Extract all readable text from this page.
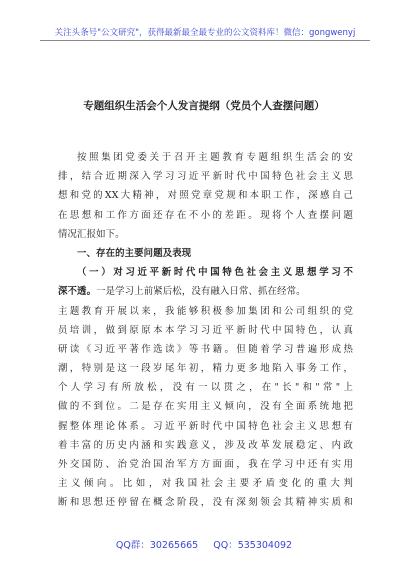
关注头条号"公文研究"，获得最新最全最专业的公文资料库！微信：gongwenyj
专题组织生活会个人发言提纲（党员个人查摆问题）
按照集团党委关于召开主题教育专题组织生活会的安
排，结合近期深入学习习近平新时代中国特色社会主义思
想和党的XX大精神，对照党章党规和本职工作，深感自己
在思想和工作方面还存在不小的差距。现将个人查摆问题
情况汇报如下。
一、存在的主要问题及表现
（一）对习近平新时代中国特色社会主义思想学习不
深不透。一是学习上前紧后松，没有融入日常、抓在经常。
主题教育开展以来，我能够积极参加集团和公司组织的党
员培训，做到原原本本学习习近平新时代中国特色，认真
研读《习近平著作选读》等书籍。但随着学习普遍形成热
潮，特别是这一段岁尾年初，精力更多地陷入事务工作，
个人学习有所放松，没有一以贯之，在"长"和"常"上
做的不到位。二是存在实用主义倾向，没有全面系统地把
握整体理论体系。习近平新时代中国特色社会主义思想有
着丰富的历史内涵和实践意义，涉及改革发展稳定、内政
外交国防、治党治国治军方方面面，我在学习中还有实用
主义倾向。比如，对我国社会主要矛盾变化的重大判
断和思想还停留在概念阶段，没有深刻领会其精神实质和
QQ群：30265665 QQ：535304092
